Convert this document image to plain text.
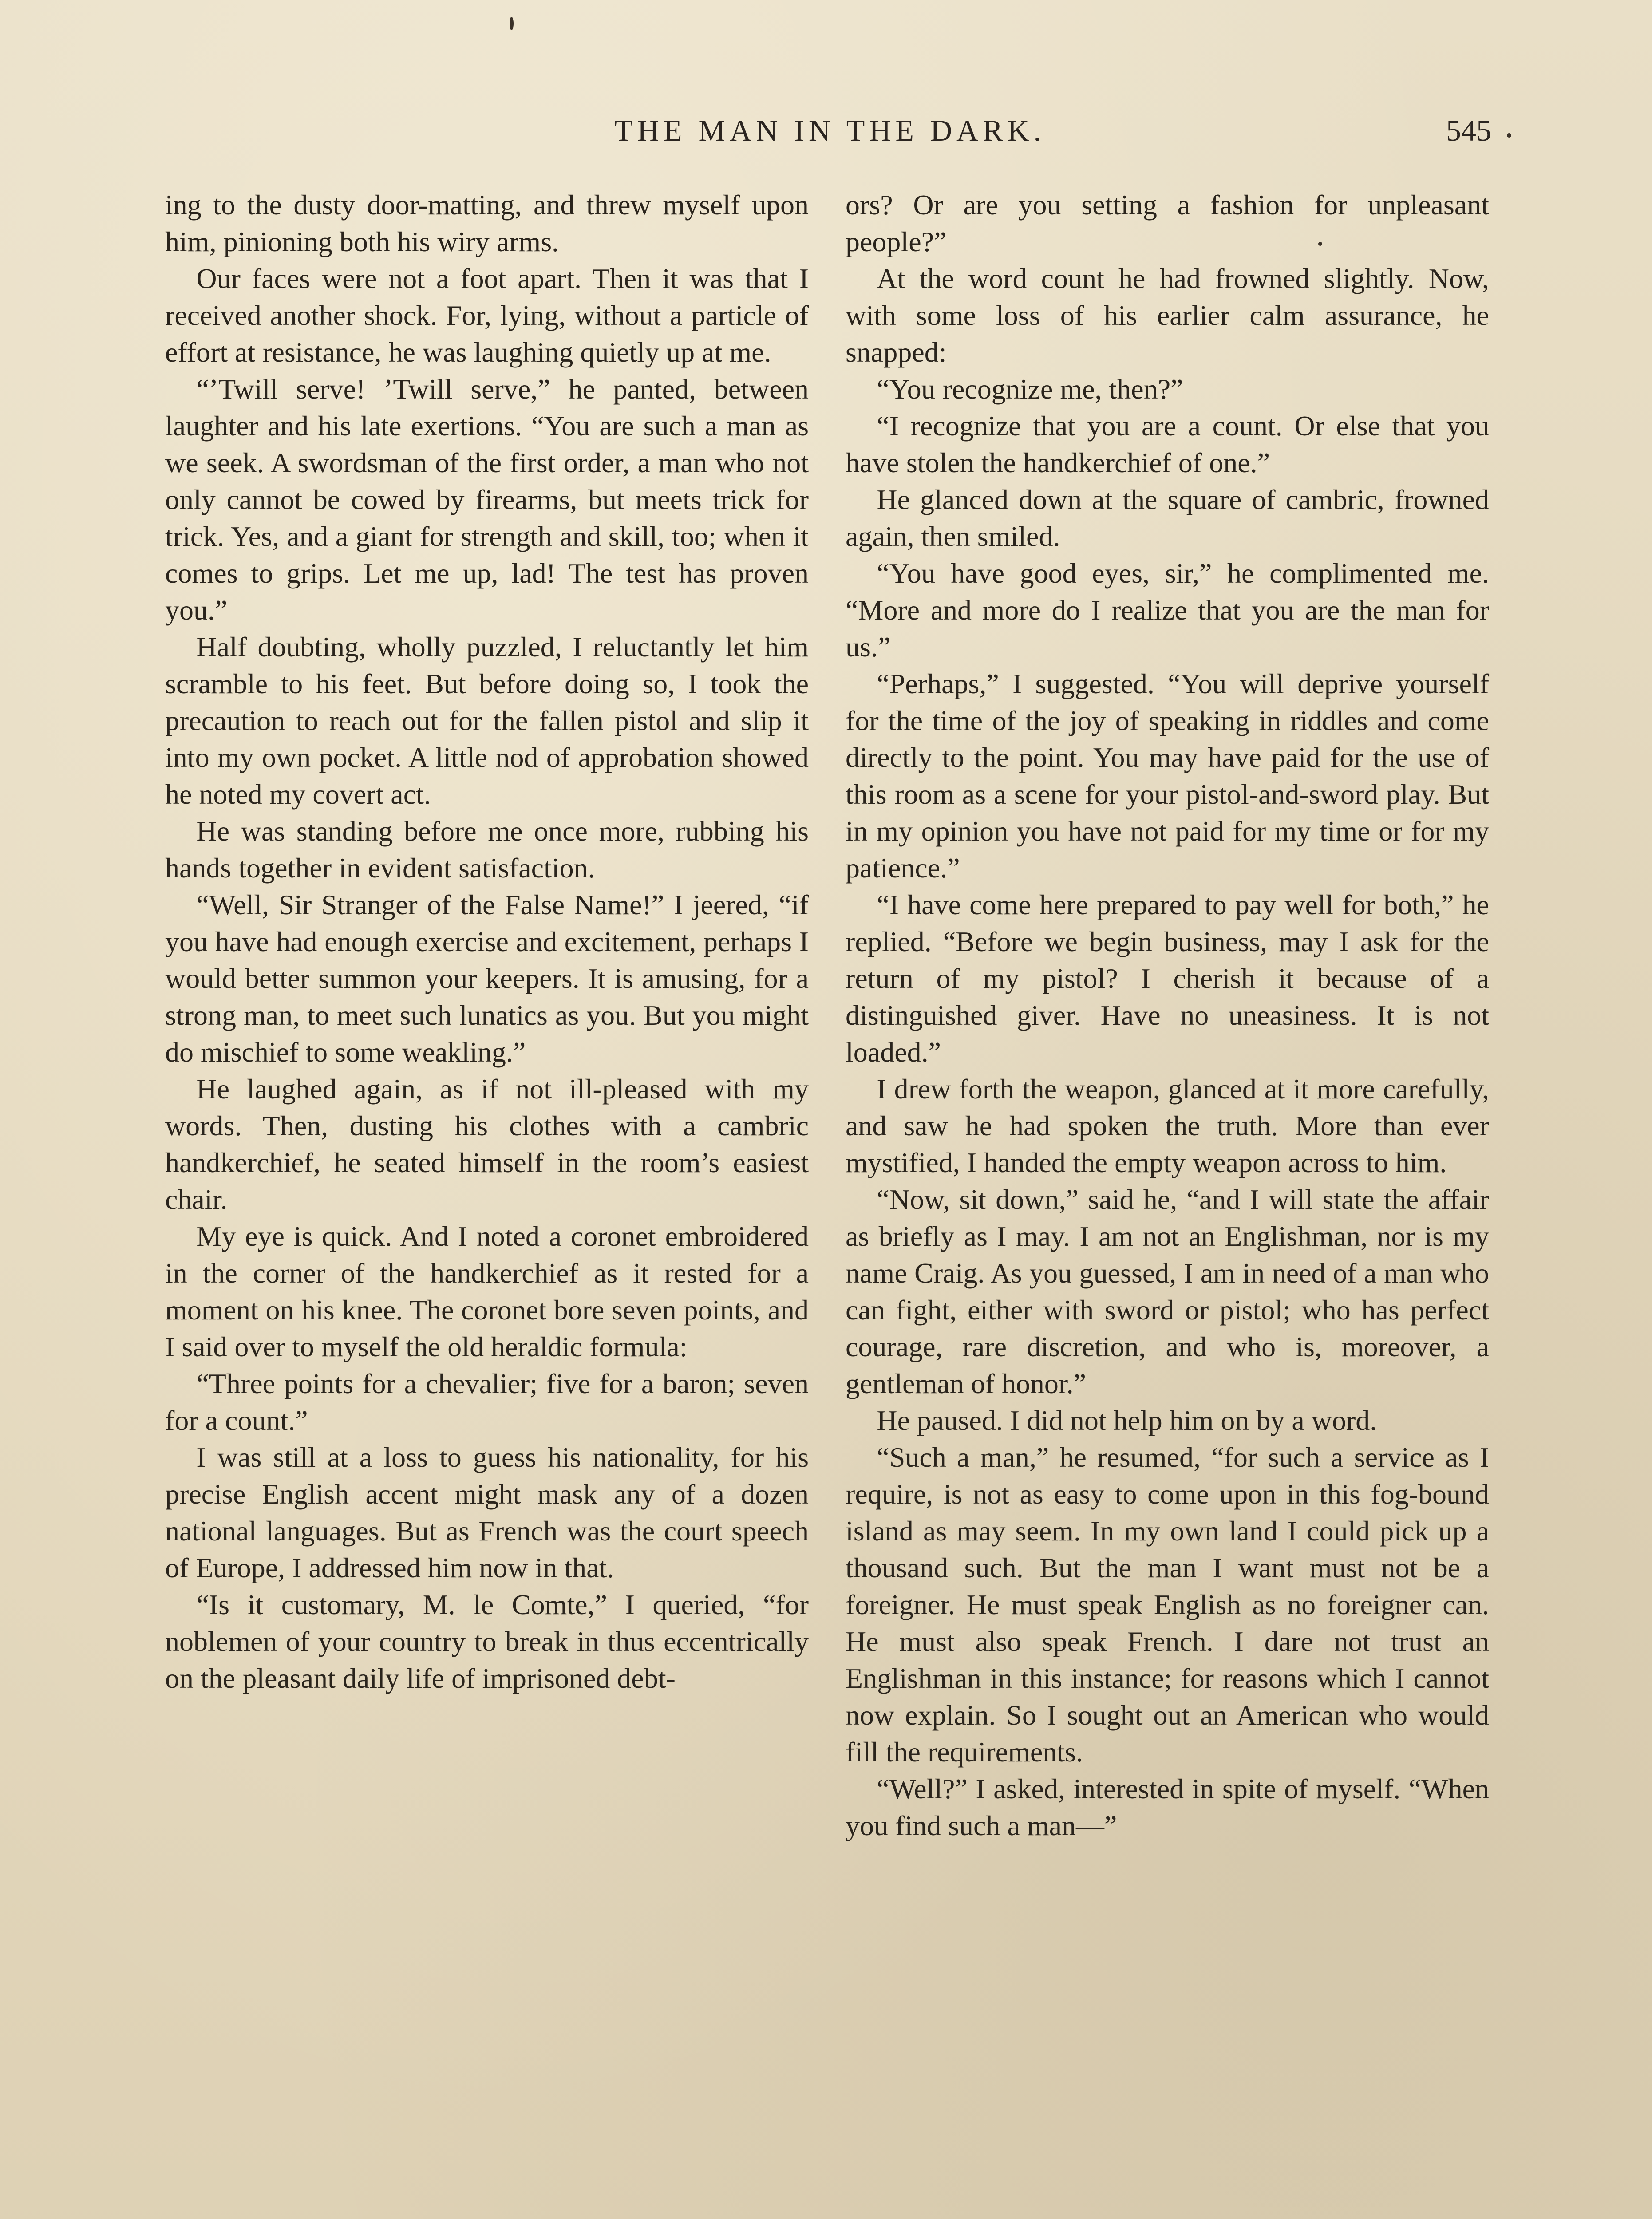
THE MAN IN THE DARK.	545

ing to the dusty door-matting, and threw myself upon him, pinioning both his wiry arms.

Our faces were not a foot apart. Then it was that I received another shock. For, lying, without a particle of effort at resistance, he was laughing quietly up at me.

“’Twill serve! ’Twill serve,” he panted, between laughter and his late exertions. “You are such a man as we seek. A swordsman of the first order, a man who not only cannot be cowed by firearms, but meets trick for trick. Yes, and a giant for strength and skill, too; when it comes to grips. Let me up, lad! The test has proven you.”

Half doubting, wholly puzzled, I reluctantly let him scramble to his feet. But before doing so, I took the precaution to reach out for the fallen pistol and slip it into my own pocket. A little nod of approbation showed he noted my covert act.

He was standing before me once more, rubbing his hands together in evident satisfaction.

“Well, Sir Stranger of the False Name!” I jeered, “if you have had enough exercise and excitement, perhaps I would better summon your keepers. It is amusing, for a strong man, to meet such lunatics as you. But you might do mischief to some weakling.”

He laughed again, as if not ill-pleased with my words. Then, dusting his clothes with a cambric handkerchief, he seated himself in the room’s easiest chair.

My eye is quick. And I noted a coronet embroidered in the corner of the handkerchief as it rested for a moment on his knee. The coronet bore seven points, and I said over to myself the old heraldic formula:

“Three points for a chevalier; five for a baron; seven for a count.”

I was still at a loss to guess his nationality, for his precise English accent might mask any of a dozen national languages. But as French was the court speech of Europe, I addressed him now in that.

“Is it customary, M. le Comte,” I queried, “for noblemen of your country to break in thus eccentrically on the pleasant daily life of imprisoned debt-

ors? Or are you setting a fashion for unpleasant people?”

At the word count he had frowned slightly. Now, with some loss of his earlier calm assurance, he snapped:

“You recognize me, then?”

“I recognize that you are a count. Or else that you have stolen the handkerchief of one.”

He glanced down at the square of cambric, frowned again, then smiled.

“You have good eyes, sir,” he complimented me. “More and more do I realize that you are the man for us.”

“Perhaps,” I suggested. “You will deprive yourself for the time of the joy of speaking in riddles and come directly to the point. You may have paid for the use of this room as a scene for your pistol-and-sword play. But in my opinion you have not paid for my time or for my patience.”

“I have come here prepared to pay well for both,” he replied. “Before we begin business, may I ask for the return of my pistol? I cherish it because of a distinguished giver. Have no uneasiness. It is not loaded.”

I drew forth the weapon, glanced at it more carefully, and saw he had spoken the truth. More than ever mystified, I handed the empty weapon across to him.

“Now, sit down,” said he, “and I will state the affair as briefly as I may. I am not an Englishman, nor is my name Craig. As you guessed, I am in need of a man who can fight, either with sword or pistol; who has perfect courage, rare discretion, and who is, moreover, a gentleman of honor.”

He paused. I did not help him on by a word.

“Such a man,” he resumed, “for such a service as I require, is not as easy to come upon in this fog-bound island as may seem. In my own land I could pick up a thousand such. But the man I want must not be a foreigner. He must speak English as no foreigner can. He must also speak French. I dare not trust an Englishman in this instance; for reasons which I cannot now explain. So I sought out an American who would fill the requirements.

“Well?” I asked, interested in spite of myself. “When you find such a man—”
